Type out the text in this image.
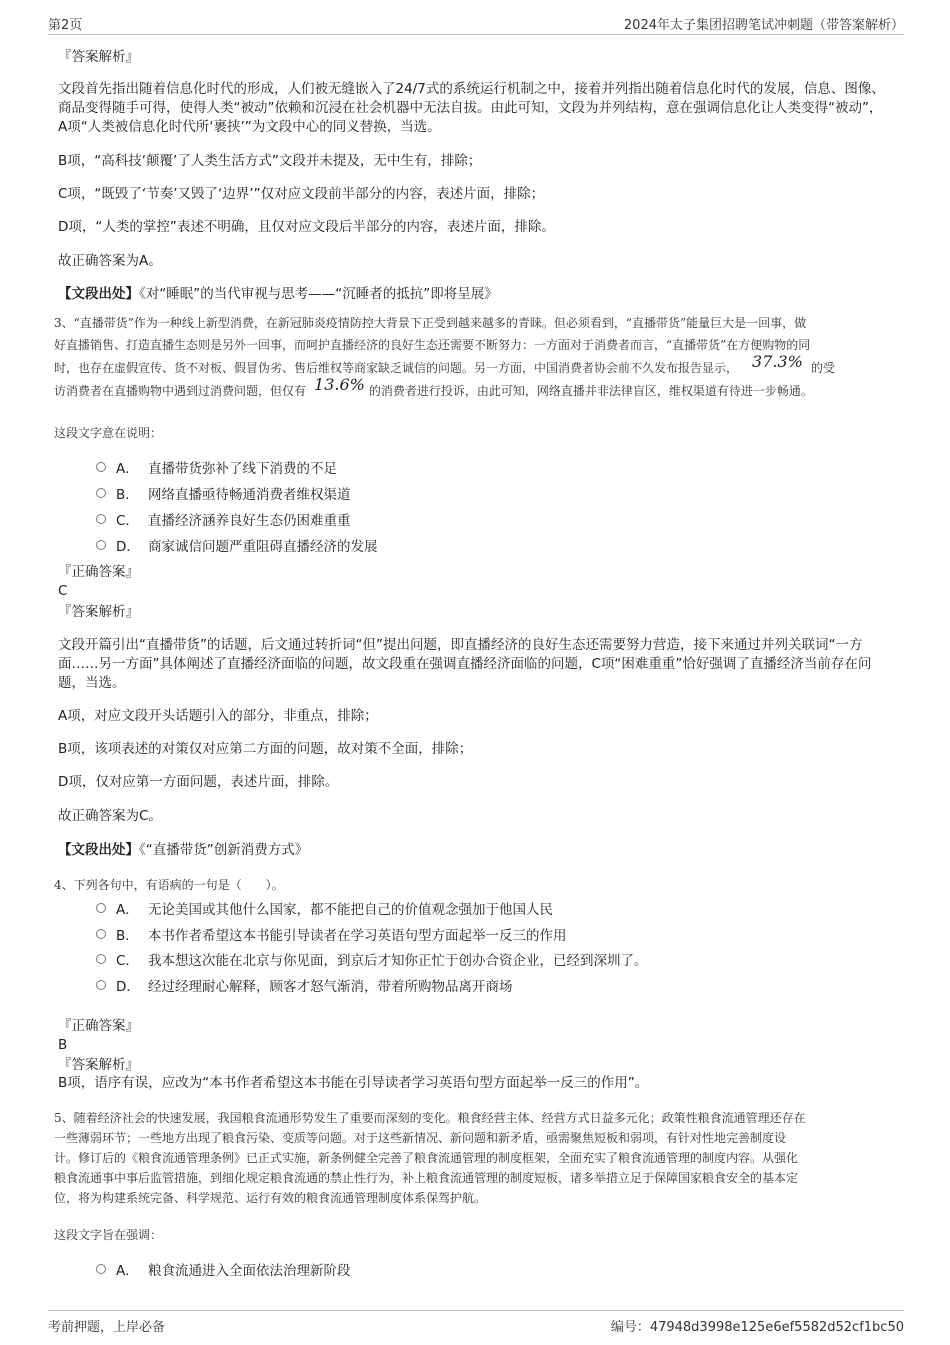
第2页	2024年太子集团招聘笔试冲刺题（带答案解析）
『答案解析』

文段首先指出随着信息化时代的形成，人们被无缝嵌入了24/7式的系统运行机制之中，接着并列指出随着信息化时代的发展，信息、图像、商品变得随手可得，使得人类“被动”依赖和沉浸在社会机器中无法自拔。由此可知，文段为并列结构，意在强调信息化让人类变得“被动”，A项“人类被信息化时代所‘裹挟’”为文段中心的同义替换，当选。

B项，“高科技‘颠覆’了人类生活方式”文段并未提及，无中生有，排除；
C项，“既毁了‘节奏’又毁了‘边界’”仅对应文段前半部分的内容，表述片面，排除；
D项，“人类的掌控”表述不明确，且仅对应文段后半部分的内容，表述片面，排除。
故正确答案为A。
【文段出处】《对“睡眠”的当代审视与思考——“沉睡者的抵抗”即将呈展》
3、“直播带货”作为一种线上新型消费，在新冠肺炎疫情防控大背景下正受到越来越多的青睐。但必须看到，“直播带货”能量巨大是一回事，做
好直播销售、打造直播生态则是另外一回事，而呵护直播经济的良好生态还需要不断努力：一方面对于消费者而言，“直播带货”在方便购物的同
时，也存在虚假宣传、货不对板、假冒伪劣、售后维权等商家缺乏诚信的问题。另一方面，中国消费者协会前不久发布报告显示， 37.3% 的受
访消费者在直播购物中遇到过消费问题，但仅有 13.6% 的消费者进行投诉，由此可知，网络直播并非法律盲区，维权渠道有待进一步畅通。
这段文字意在说明：
A． 直播带货弥补了线下消费的不足
B． 网络直播亟待畅通消费者维权渠道
C． 直播经济涵养良好生态仍困难重重
D． 商家诚信问题严重阻碍直播经济的发展
『正确答案』
C
『答案解析』

文段开篇引出“直播带货”的话题，后文通过转折词“但”提出问题，即直播经济的良好生态还需要努力营造，接下来通过并列关联词“一方面……另一方面”具体阐述了直播经济面临的问题，故文段重在强调直播经济面临的问题，C项“困难重重”恰好强调了直播经济当前存在问题，当选。

A项，对应文段开头话题引入的部分，非重点，排除；
B项，该项表述的对策仅对应第二方面的问题，故对策不全面，排除；
D项，仅对应第一方面问题，表述片面，排除。
故正确答案为C。
【文段出处】《“直播带货”创新消费方式》
4、下列各句中，有语病的一句是（　　）。
A． 无论美国或其他什么国家，都不能把自己的价值观念强加于他国人民
B． 本书作者希望这本书能引导读者在学习英语句型方面起举一反三的作用
C． 我本想这次能在北京与你见面，到京后才知你正忙于创办合资企业，已经到深圳了。
D． 经过经理耐心解释，顾客才怒气渐消，带着所购物品离开商场
『正确答案』
B
『答案解析』
B项，语序有误，应改为“本书作者希望这本书能在引导读者学习英语句型方面起举一反三的作用”。
5、随着经济社会的快速发展，我国粮食流通形势发生了重要而深刻的变化。粮食经营主体、经营方式日益多元化；政策性粮食流通管理还存在
一些薄弱环节；一些地方出现了粮食污染、变质等问题。对于这些新情况、新问题和新矛盾，亟需聚焦短板和弱项，有针对性地完善制度设
计。修订后的《粮食流通管理条例》已正式实施，新条例健全完善了粮食流通管理的制度框架，全面充实了粮食流通管理的制度内容。从强化
粮食流通事中事后监管措施，到细化规定粮食流通的禁止性行为，补上粮食流通管理的制度短板，诸多举措立足于保障国家粮食安全的基本定
位，将为构建系统完备、科学规范、运行有效的粮食流通管理制度体系保驾护航。
这段文字旨在强调：
A． 粮食流通进入全面依法治理新阶段
考前押题，上岸必备	编号：47948d3998e125e6ef5582d52cf1bc50
